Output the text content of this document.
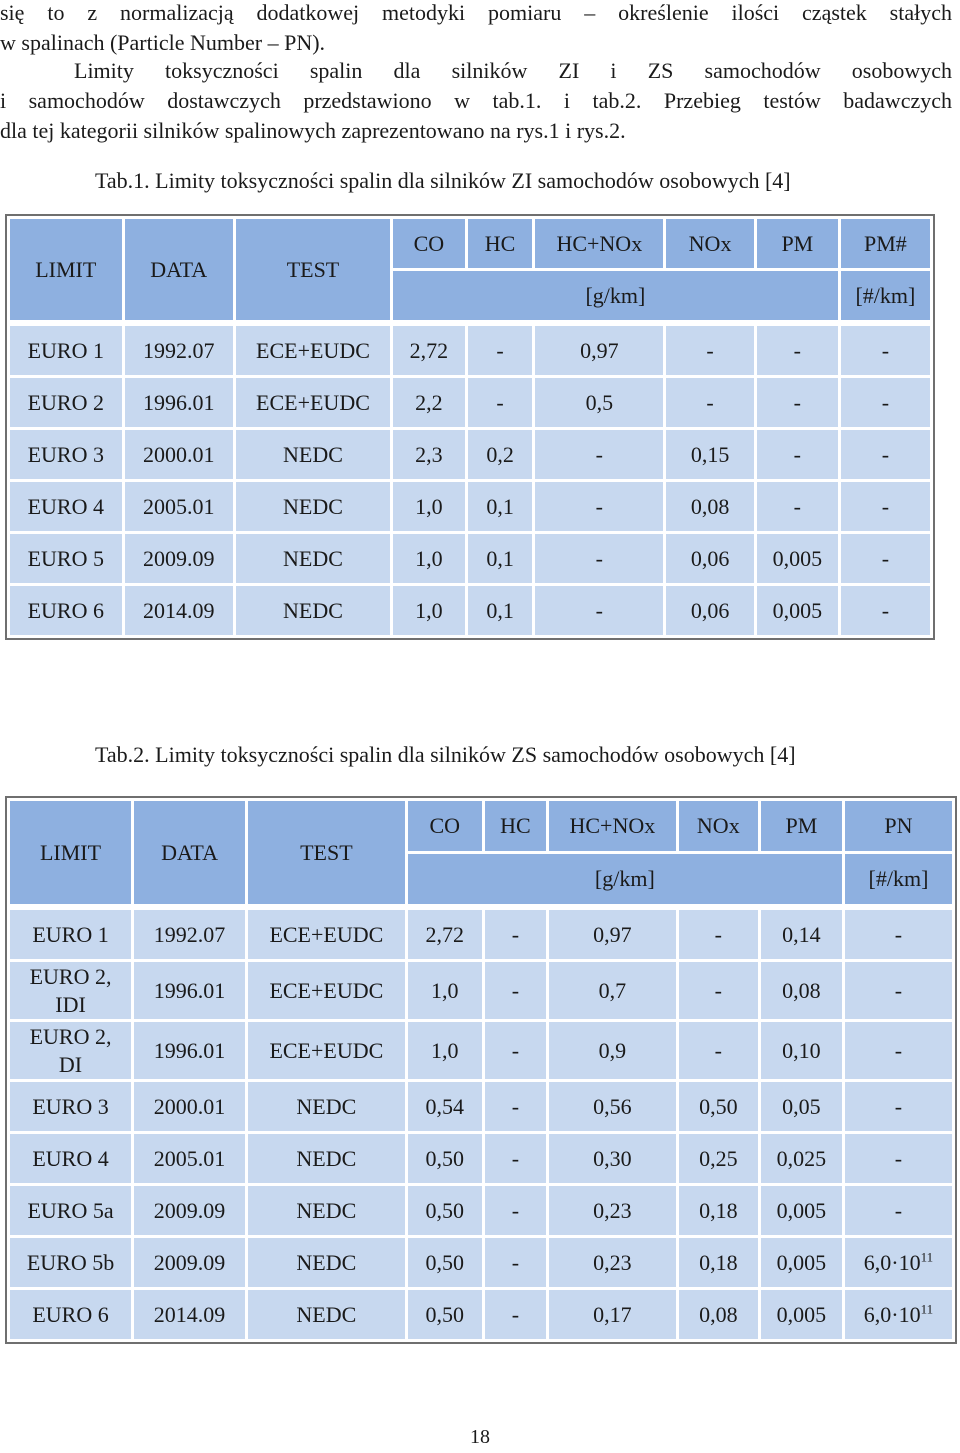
się to z normalizacją dodatkowej metodyki pomiaru – określenie ilości cząstek stałych
w spalinach (Particle Number – PN).
Limity toksyczności spalin dla silników ZI i ZS samochodów osobowych
i samochodów dostawczych przedstawiono w tab.1. i tab.2. Przebieg testów badawczych
dla tej kategorii silników spalinowych zaprezentowano na rys.1 i rys.2.
Tab.1. Limity toksyczności spalin dla silników ZI samochodów osobowych [4]
LIMIT	DATA	TEST	CO	HC	HC+NOx	NOx	PM	PM#
			[g/km]					[#/km]

EURO 1	1992.07	ECE+EUDC	2,72	-	0,97	-	-	-
EURO 2	1996.01	ECE+EUDC	2,2	-	0,5	-	-	-
EURO 3	2000.01	NEDC	2,3	0,2	-	0,15	-	-
EURO 4	2005.01	NEDC	1,0	0,1	-	0,08	-	-
EURO 5	2009.09	NEDC	1,0	0,1	-	0,06	0,005	-
EURO 6	2014.09	NEDC	1,0	0,1	-	0,06	0,005	-
Tab.2. Limity toksyczności spalin dla silników ZS samochodów osobowych [4]
LIMIT	DATA	TEST	CO	HC	HC+NOx	NOx	PM	PN
			[g/km]					[#/km]

EURO 1	1992.07	ECE+EUDC	2,72	-	0,97	-	0,14	-
EURO 2,
IDI	1996.01	ECE+EUDC	1,0	-	0,7	-	0,08	-
EURO 2,
DI	1996.01	ECE+EUDC	1,0	-	0,9	-	0,10	-
EURO 3	2000.01	NEDC	0,54	-	0,56	0,50	0,05	-
EURO 4	2005.01	NEDC	0,50	-	0,30	0,25	0,025	-
EURO 5a	2009.09	NEDC	0,50	-	0,23	0,18	0,005	-
EURO 5b	2009.09	NEDC	0,50	-	0,23	0,18	0,005	$6,0\cdot 10^{11}$
EURO 6	2014.09	NEDC	0,50	-	0,17	0,08	0,005	$6,0\cdot 10^{11}$
18
